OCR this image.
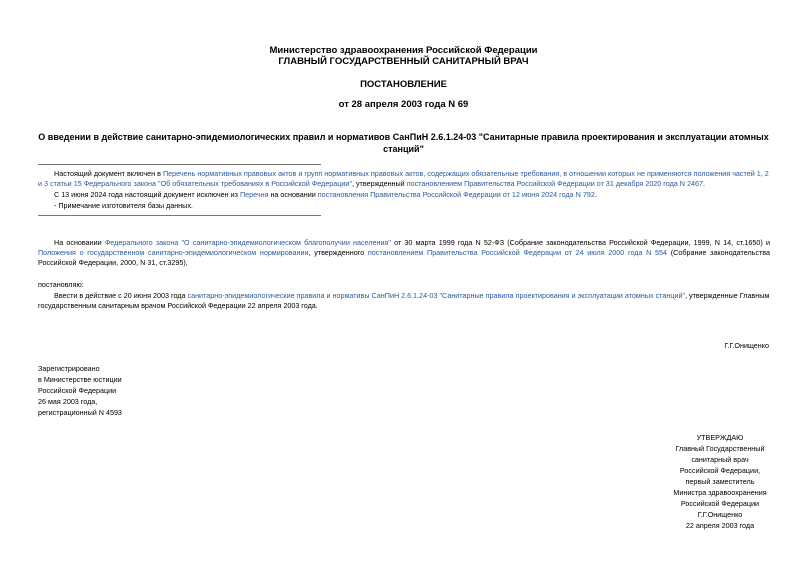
Министерство здравоохранения Российской Федерации
ГЛАВНЫЙ ГОСУДАРСТВЕННЫЙ САНИТАРНЫЙ ВРАЧ
ПОСТАНОВЛЕНИЕ
от 28 апреля 2003 года N 69
О введении в действие санитарно-эпидемиологических правил и нормативов СанПиН 2.6.1.24-03 "Санитарные правила проектирования и эксплуатации атомных
станций"
Настоящий документ включен в Перечень нормативных правовых актов и групп нормативных правовых актов, содержащих обязательные требования, в отношении которых не применяются положения частей 1, 2 и 3 статьи 15 Федерального закона "Об обязательных требованиях в Российской Федерации", утвержденный постановлением Правительства Российской Федерации от 31 декабря 2020 года N 2467.
С 13 июня 2024 года настоящий документ исключен из Перечня на основании постановления Правительства Российской Федерации от 12 июня 2024 года N 792.
- Примечание изготовителя базы данных.
На основании Федерального закона "О санитарно-эпидемиологическом благополучии населения" от 30 марта 1999 года N 52-ФЗ (Собрание законодательства Российской Федерации, 1999, N 14, ст.1650) и Положения о государственном санитарно-эпидемиологическом нормировании, утвержденного постановлением Правительства Российской Федерации от 24 июля 2000 года N 554 (Собрание законодательства Российской Федерации, 2000, N 31, ст.3295),
постановляю:
Ввести в действие с 20 июня 2003 года санитарно-эпидемиологические правила и нормативы СанПиН 2.6.1.24-03 "Санитарные правила проектирования и эксплуатации атомных станций", утвержденные Главным государственным санитарным врачом Российской Федерации 22 апреля 2003 года.
Г.Г.Онищенко
Зарегистрировано
в Министерстве юстиции
Российской Федерации
26 мая 2003 года,
регистрационный N 4593
УТВЕРЖДАЮ
Главный Государственный
санитарный врач
Российской Федерации,
первый заместитель
Министра здравоохранения
Российской Федерации
Г.Г.Онищенко
22 апреля 2003 года
